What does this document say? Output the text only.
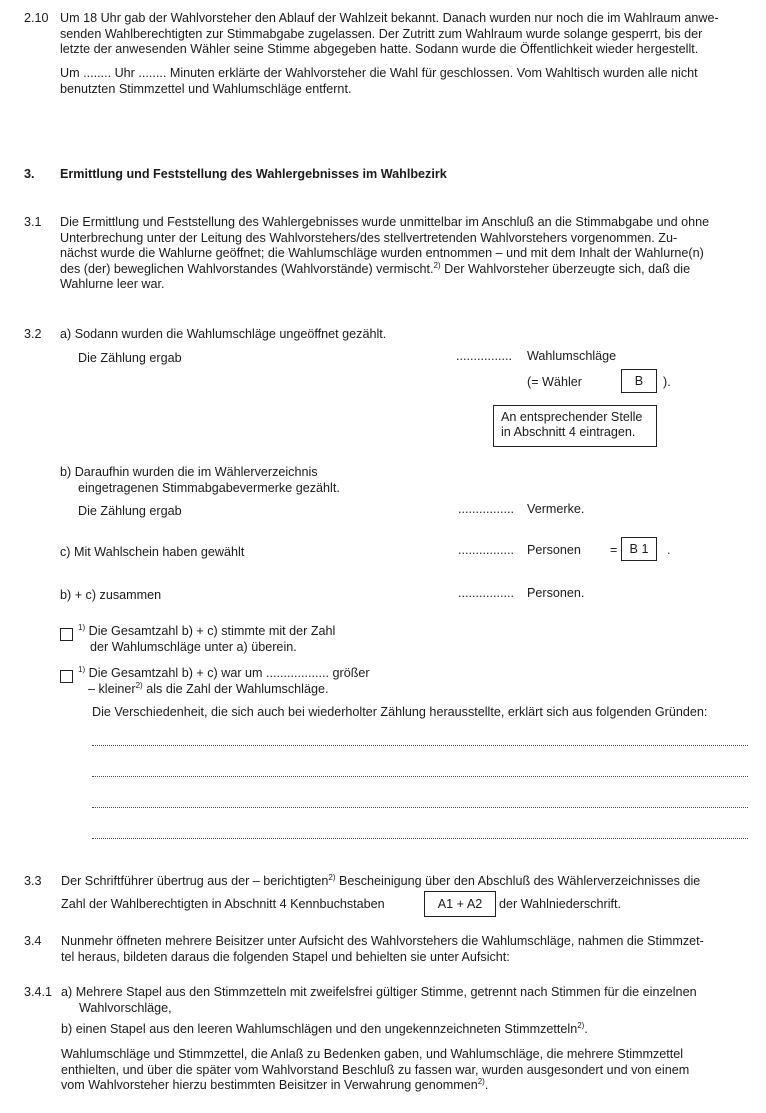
2.10 Um 18 Uhr gab der Wahlvorsteher den Ablauf der Wahlzeit bekannt. Danach wurden nur noch die im Wahlraum anwe-
senden Wahlberechtigten zur Stimmabgabe zugelassen. Der Zutritt zum Wahlraum wurde solange gesperrt, bis der
letzte der anwesenden Wähler seine Stimme abgegeben hatte. Sodann wurde die Öffentlichkeit wieder hergestellt.
Um ........ Uhr ........ Minuten erklärte der Wahlvorsteher die Wahl für geschlossen. Vom Wahltisch wurden alle nicht
benutzten Stimmzettel und Wahlumschläge entfernt.
3. Ermittlung und Feststellung des Wahlergebnisses im Wahlbezirk
3.1 Die Ermittlung und Feststellung des Wahlergebnisses wurde unmittelbar im Anschluß an die Stimmabgabe und ohne
Unterbrechung unter der Leitung des Wahlvorstehers/des stellvertretenden Wahlvorstehers vorgenommen. Zu-
nächst wurde die Wahlurne geöffnet; die Wahlumschläge wurden entnommen – und mit dem Inhalt der Wahlurne(n)
des (der) beweglichen Wahlvorstandes (Wahlvorstände) vermischt.$^{2)}$ Der Wahlvorsteher überzeugte sich, daß die
Wahlurne leer war.
3.2 a) Sodann wurden die Wahlumschläge ungeöffnet gezählt.
Die Zählung ergab	................ Wahlumschläge
(= Wähler	B	).
An entsprechender Stelle
in Abschnitt 4 eintragen.
b) Daraufhin wurden die im Wählerverzeichnis
eingetragenen Stimmabgabevermerke gezählt.
Die Zählung ergab	................ Vermerke.
c) Mit Wahlschein haben gewählt	................ Personen = B 1	.
b) + c) zusammen	................ Personen.
$^{1)}$ Die Gesamtzahl b) + c) stimmte mit der Zahl
der Wahlumschläge unter a) überein.
$^{1)}$ Die Gesamtzahl b) + c) war um .................. größer
– kleiner$^{2)}$ als die Zahl der Wahlumschläge.
Die Verschiedenheit, die sich auch bei wiederholter Zählung herausstellte, erklärt sich aus folgenden Gründen:
3.3 Der Schriftführer übertrug aus der – berichtigten$^{2)}$ Bescheinigung über den Abschluß des Wählerverzeichnisses die
Zahl der Wahlberechtigten in Abschnitt 4 Kennbuchstaben	A1 + A2	der Wahlniederschrift.
3.4 Nunmehr öffneten mehrere Beisitzer unter Aufsicht des Wahlvorstehers die Wahlumschläge, nahmen die Stimmzet-
tel heraus, bildeten daraus die folgenden Stapel und behielten sie unter Aufsicht:
3.4.1 a) Mehrere Stapel aus den Stimmzetteln mit zweifelsfrei gültiger Stimme, getrennt nach Stimmen für die einzelnen
Wahlvorschläge,
b) einen Stapel aus den leeren Wahlumschlägen und den ungekennzeichneten Stimmzetteln$^{2)}$.
Wahlumschläge und Stimmzettel, die Anlaß zu Bedenken gaben, und Wahlumschläge, die mehrere Stimmzettel
enthielten, und über die später vom Wahlvorstand Beschluß zu fassen war, wurden ausgesondert und von einem
vom Wahlvorsteher hierzu bestimmten Beisitzer in Verwahrung genommen$^{2)}$.
